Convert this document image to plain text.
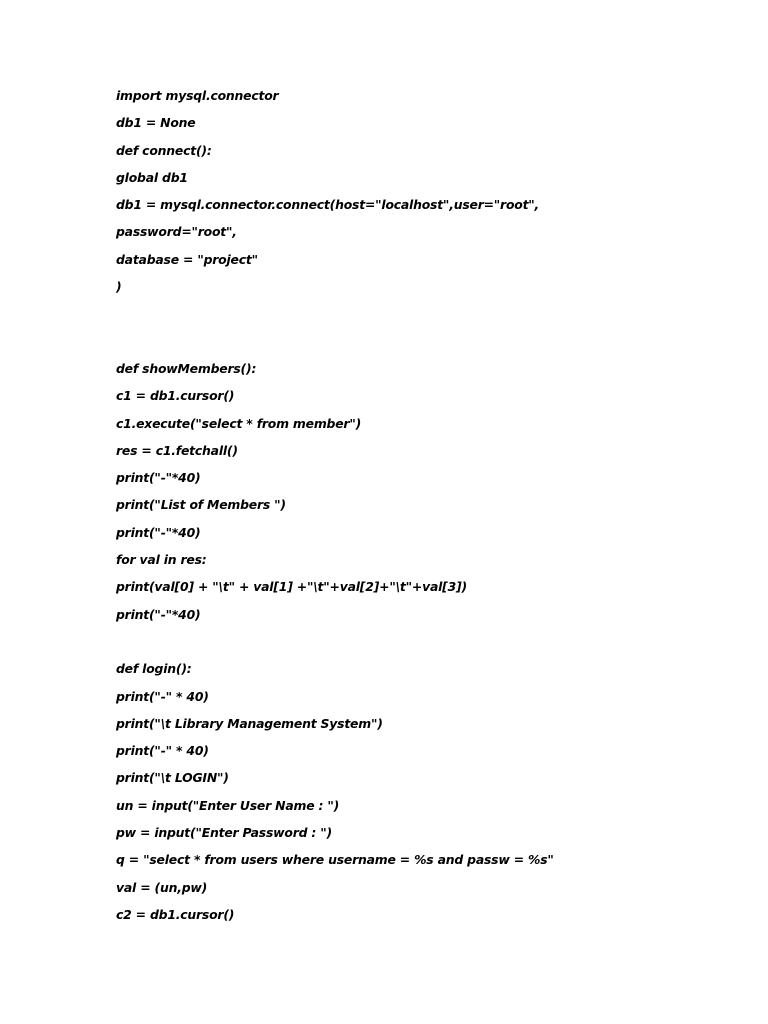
import mysql.connector
db1 = None
def connect():
global db1
db1 = mysql.connector.connect(host="localhost",user="root",
password="root",
database = "project"
)
def showMembers():
c1 = db1.cursor()
c1.execute("select * from member")
res = c1.fetchall()
print("-"*40)
print("List of Members ")
print("-"*40)
for val in res:
print(val[0] + "\t" + val[1] +"\t"+val[2]+"\t"+val[3])
print("-"*40)
def login():
print("-" * 40)
print("\t Library Management System")
print("-" * 40)
print("\t LOGIN")
un = input("Enter User Name : ")
pw = input("Enter Password : ")
q = "select * from users where username = %s and passw = %s"
val = (un,pw)
c2 = db1.cursor()
